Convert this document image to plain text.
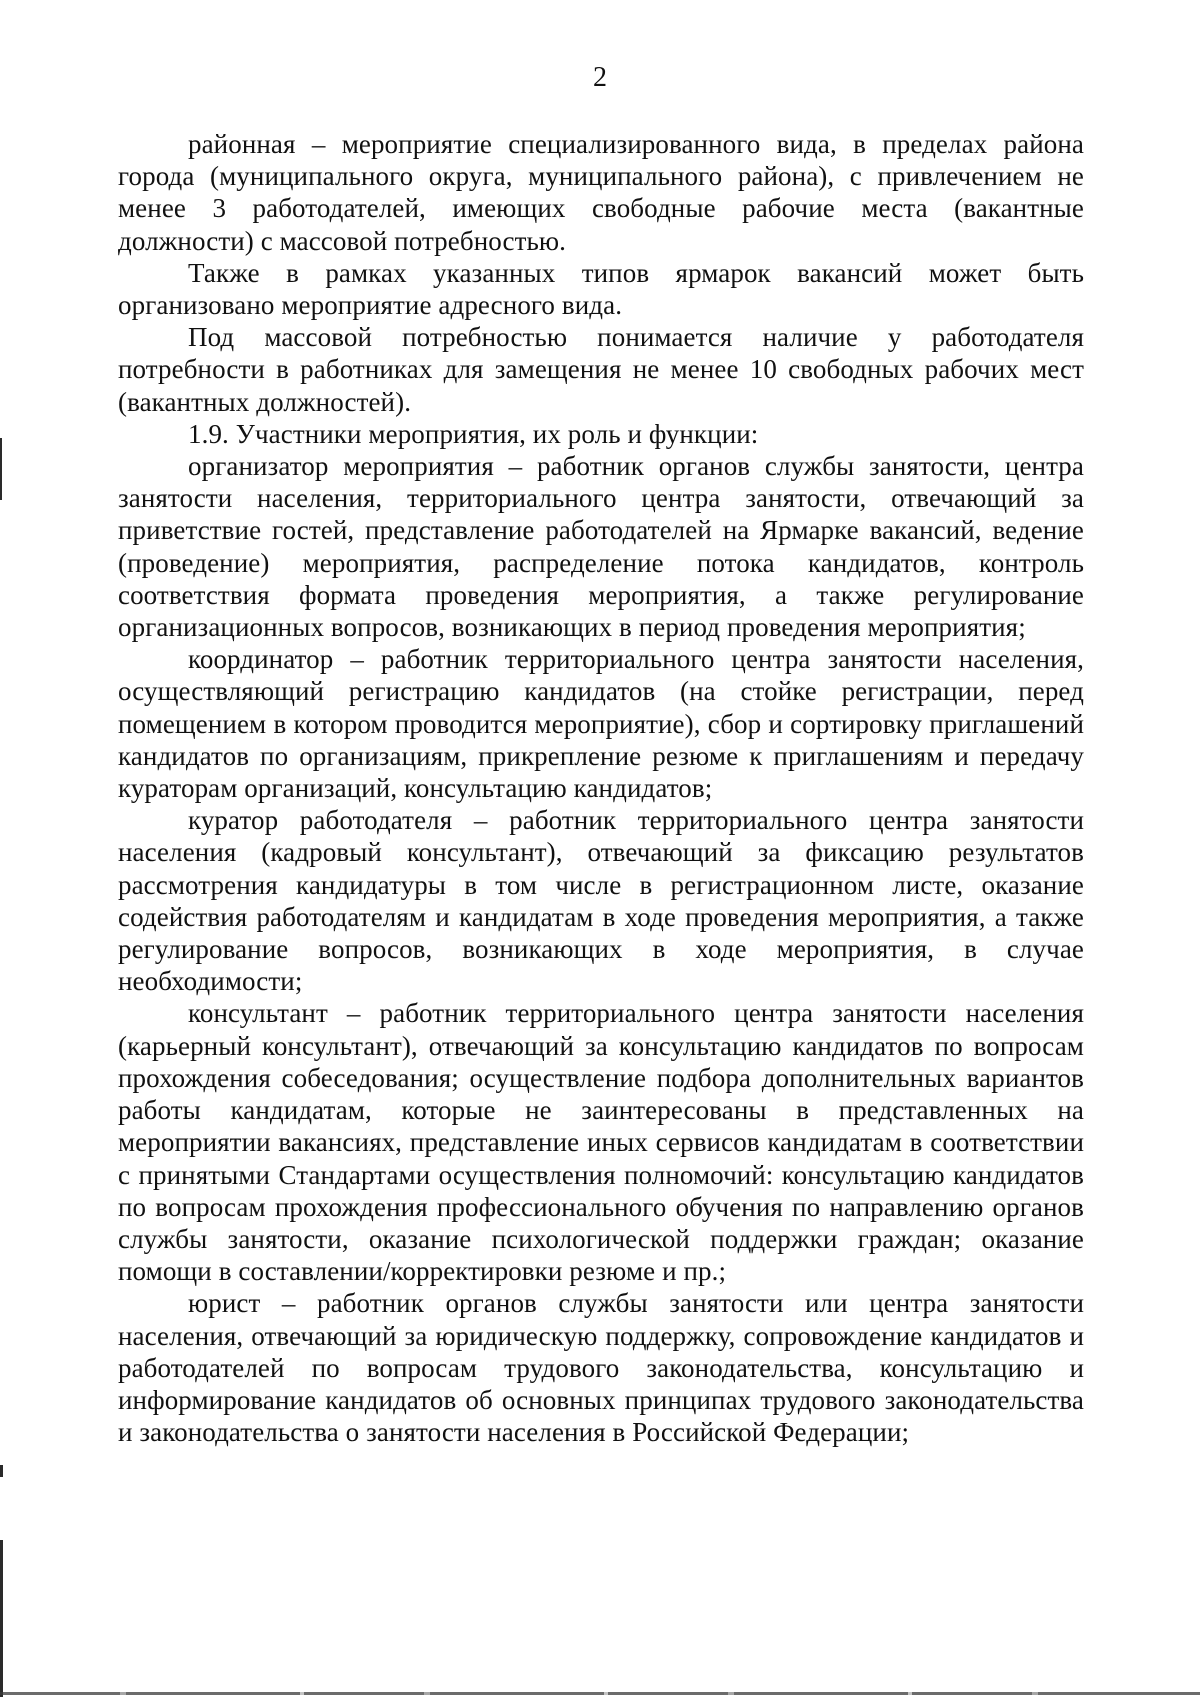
2

районная – мероприятие специализированного вида, в пределах района города (муниципального округа, муниципального района), с привлечением не менее 3 работодателей, имеющих свободные рабочие места (вакантные должности) с массовой потребностью.

Также в рамках указанных типов ярмарок вакансий может быть организовано мероприятие адресного вида.

Под массовой потребностью понимается наличие у работодателя потребности в работниках для замещения не менее 10 свободных рабочих мест (вакантных должностей).

1.9. Участники мероприятия, их роль и функции:

организатор мероприятия – работник органов службы занятости, центра занятости населения, территориального центра занятости, отвечающий за приветствие гостей, представление работодателей на Ярмарке вакансий, ведение (проведение) мероприятия, распределение потока кандидатов, контроль соответствия формата проведения мероприятия, а также регулирование организационных вопросов, возникающих в период проведения мероприятия;

координатор – работник территориального центра занятости населения, осуществляющий регистрацию кандидатов (на стойке регистрации, перед помещением в котором проводится мероприятие), сбор и сортировку приглашений кандидатов по организациям, прикрепление резюме к приглашениям и передачу кураторам организаций, консультацию кандидатов;

куратор работодателя – работник территориального центра занятости населения (кадровый консультант), отвечающий за фиксацию результатов рассмотрения кандидатуры в том числе в регистрационном листе, оказание содействия работодателям и кандидатам в ходе проведения мероприятия, а также регулирование вопросов, возникающих в ходе мероприятия, в случае необходимости;

консультант – работник территориального центра занятости населения (карьерный консультант), отвечающий за консультацию кандидатов по вопросам прохождения собеседования; осуществление подбора дополнительных вариантов работы кандидатам, которые не заинтересованы в представленных на мероприятии вакансиях, представление иных сервисов кандидатам в соответствии с принятыми Стандартами осуществления полномочий: консультацию кандидатов по вопросам прохождения профессионального обучения по направлению органов службы занятости, оказание психологической поддержки граждан; оказание помощи в составлении/корректировки резюме и пр.;

юрист – работник органов службы занятости или центра занятости населения, отвечающий за юридическую поддержку, сопровождение кандидатов и работодателей по вопросам трудового законодательства, консультацию и информирование кандидатов об основных принципах трудового законодательства и законодательства о занятости населения в Российской Федерации;
